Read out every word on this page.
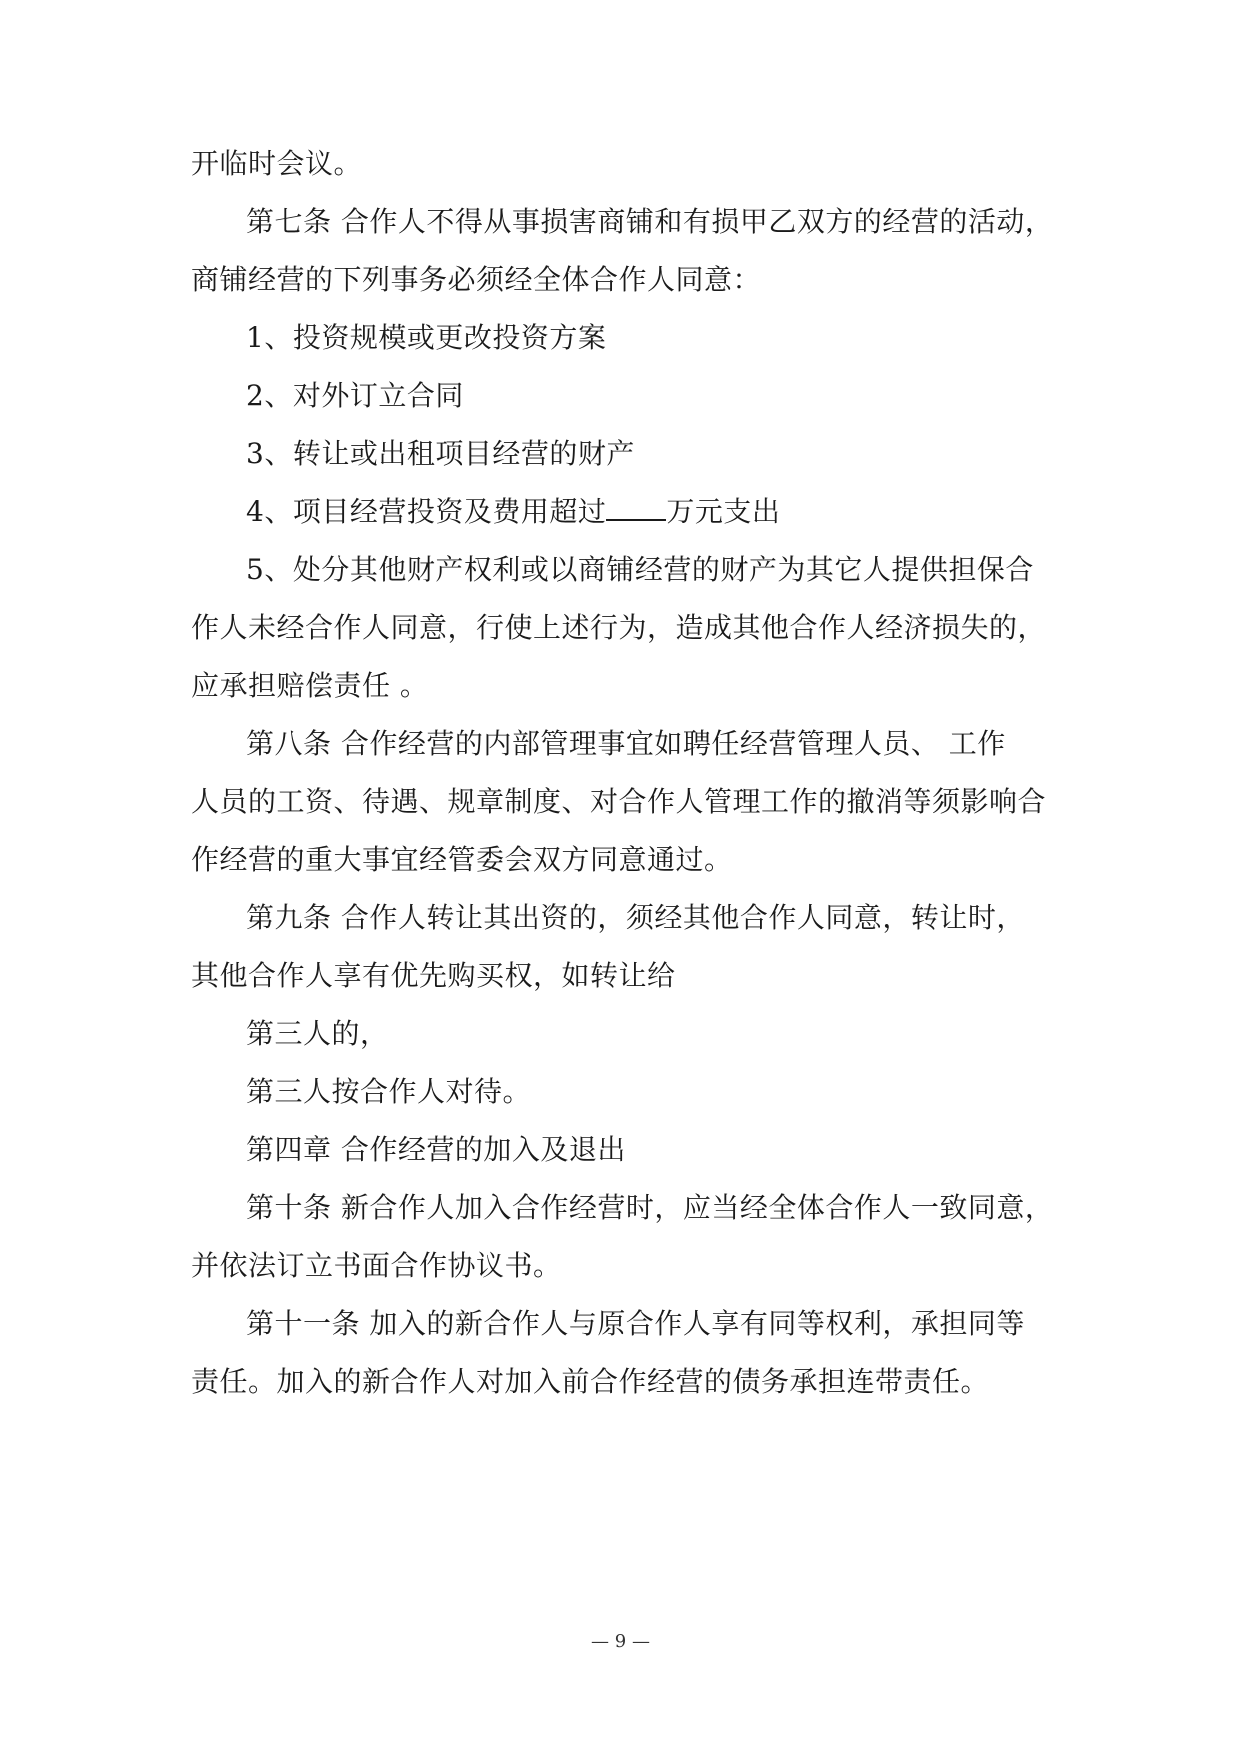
开临时会议。
第七条 合作人不得从事损害商铺和有损甲乙双方的经营的活动，
商铺经营的下列事务必须经全体合作人同意：
1、投资规模或更改投资方案
2、对外订立合同
3、转让或出租项目经营的财产
4、项目经营投资及费用超过 万元支出
5、处分其他财产权利或以商铺经营的财产为其它人提供担保合
作人未经合作人同意，行使上述行为，造成其他合作人经济损失的，
应承担赔偿责任 。
第八条 合作经营的内部管理事宜如聘任经营管理人员、 工作
人员的工资、待遇、规章制度、对合作人管理工作的撤消等须影响合
作经营的重大事宜经管委会双方同意通过。
第九条 合作人转让其出资的，须经其他合作人同意，转让时，
其他合作人享有优先购买权，如转让给
第三人的，
第三人按合作人对待。
第四章 合作经营的加入及退出
第十条 新合作人加入合作经营时，应当经全体合作人一致同意，
并依法订立书面合作协议书。
第十一条 加入的新合作人与原合作人享有同等权利，承担同等
责任。加入的新合作人对加入前合作经营的债务承担连带责任。
— 9 —
